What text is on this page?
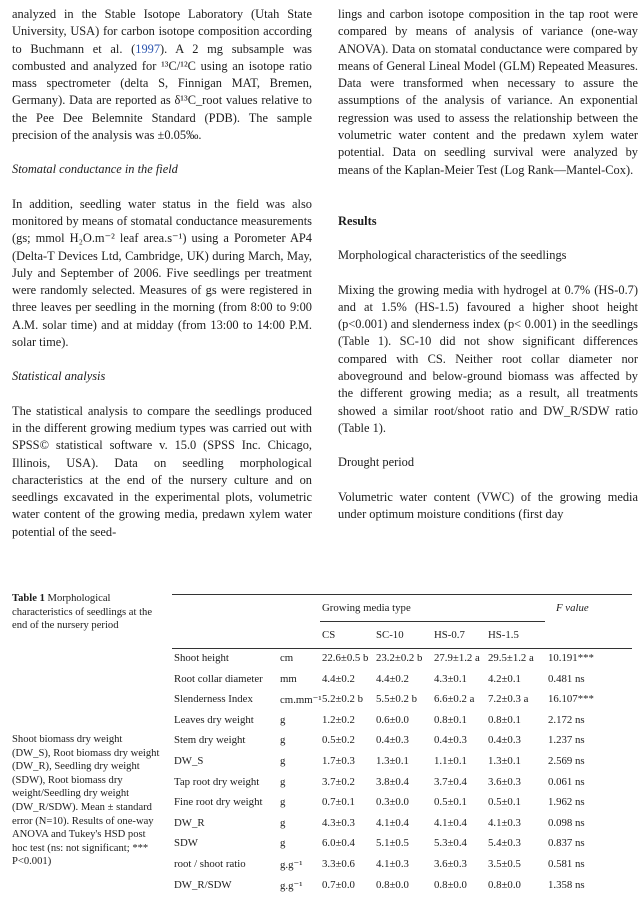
analyzed in the Stable Isotope Laboratory (Utah State University, USA) for carbon isotope composition according to Buchmann et al. (1997). A 2 mg subsample was combusted and analyzed for ¹³C/¹²C using an isotope ratio mass spectrometer (delta S, Finnigan MAT, Bremen, Germany). Data are reported as δ¹³C_root values relative to the Pee Dee Belemnite Standard (PDB). The sample precision of the analysis was ±0.05‰.

Stomatal conductance in the field

In addition, seedling water status in the field was also monitored by means of stomatal conductance measurements (gs; mmol H₂O.m⁻² leaf area.s⁻¹) using a Porometer AP4 (Delta-T Devices Ltd, Cambridge, UK) during March, May, July and September of 2006. Five seedlings per treatment were randomly selected. Measures of gs were registered in three leaves per seedling in the morning (from 8:00 to 9:00 A.M. solar time) and at midday (from 13:00 to 14:00 P.M. solar time).

Statistical analysis

The statistical analysis to compare the seedlings produced in the different growing medium types was carried out with SPSS© statistical software v. 15.0 (SPSS Inc. Chicago, Illinois, USA). Data on seedling morphological characteristics at the end of the nursery culture and on seedlings excavated in the experimental plots, volumetric water content of the growing media, predawn xylem water potential of the seed-

lings and carbon isotope composition in the tap root were compared by means of analysis of variance (one-way ANOVA). Data on stomatal conductance were compared by means of General Lineal Model (GLM) Repeated Measures. Data were transformed when necessary to assure the assumptions of the analysis of variance. An exponential regression was used to assess the relationship between the volumetric water content and the predawn xylem water potential. Data on seedling survival were analyzed by means of the Kaplan-Meier Test (Log Rank—Mantel-Cox).

Results

Morphological characteristics of the seedlings

Mixing the growing media with hydrogel at 0.7% (HS-0.7) and at 1.5% (HS-1.5) favoured a higher shoot height (p<0.001) and slenderness index (p< 0.001) in the seedlings (Table 1). SC-10 did not show significant differences compared with CS. Neither root collar diameter nor aboveground and below-ground biomass was affected by the different growing media; as a result, all treatments showed a similar root/shoot ratio and DW_R/SDW ratio (Table 1).

Drought period

Volumetric water content (VWC) of the growing media under optimum moisture conditions (first day

Table 1 Morphological characteristics of seedlings at the end of the nursery period
Shoot biomass dry weight (DW_S), Root biomass dry weight (DW_R), Seedling dry weight (SDW), Root biomass dry weight/Seedling dry weight (DW_R/SDW). Mean ± standard error (N=10). Results of one-way ANOVA and Tukey's HSD post hoc test (ns: not significant; *** P<0.001)
Growing media type	F value
CS	SC-10	HS-0.7 HS-1.5
Shoot height	cm	22.6±0.5 b 23.2±0.2 b 27.9±1.2 a 29.5±1.2 a 10.191***
Root collar diameter mm 4.4±0.2 4.4±0.2 4.3±0.1 4.2±0.1	0.481 ns
Slenderness Index	cm.mm⁻¹ 5.2±0.2 b 5.5±0.2 b 6.6±0.2 a 7.2±0.3 a 16.107***
Leaves dry weight g	1.2±0.2 0.6±0.0 0.8±0.1 0.8±0.1	2.172 ns
Stem dry weight	g	0.5±0.2 0.4±0.3 0.4±0.3 0.4±0.3	1.237 ns
DW_S	g	1.7±0.3 1.3±0.1 1.1±0.1 1.3±0.1	2.569 ns
Tap root dry weight g	3.7±0.2 3.8±0.4 3.7±0.4 3.6±0.3	0.061 ns
Fine root dry weight g	0.7±0.1 0.3±0.0 0.5±0.1 0.5±0.1	1.962 ns
DW_R	g	4.3±0.3 4.1±0.4 4.1±0.4 4.1±0.3	0.098 ns
SDW	g	6.0±0.4 5.1±0.5 5.3±0.4 5.4±0.3	0.837 ns
root / shoot ratio	g.g⁻¹ 3.3±0.6 4.1±0.3 3.6±0.3 3.5±0.5	0.581 ns
DW_R/SDW	g.g⁻¹ 0.7±0.0 0.8±0.0 0.8±0.0 0.8±0.0	1.358 ns
